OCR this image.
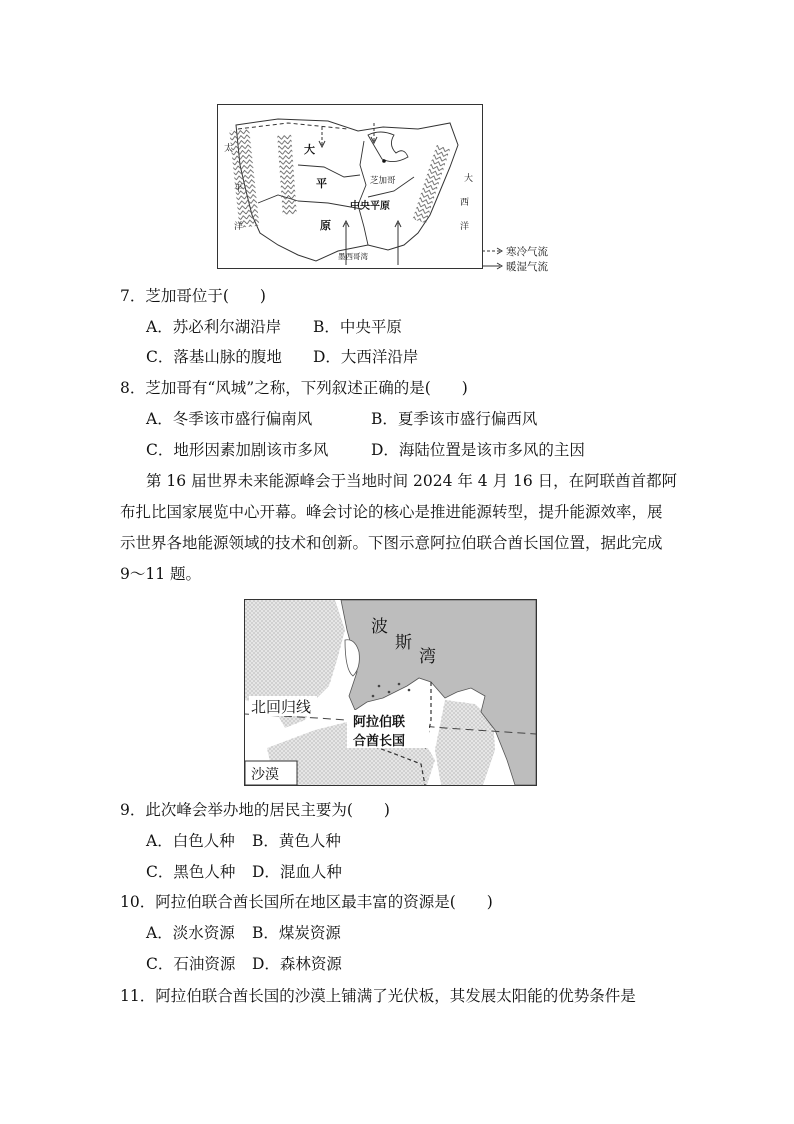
太
平
洋
大
西
洋
大
平
原
中央平原
芝加哥
墨西哥湾	寒冷气流
暖湿气流
7．芝加哥位于(　　)
A．苏必利尔湖沿岸 B．中央平原
C．落基山脉的腹地 D．大西洋沿岸
8．芝加哥有“风城”之称，下列叙述正确的是(　　)
A．冬季该市盛行偏南风	B．夏季该市盛行偏西风
C．地形因素加剧该市多风	D．海陆位置是该市多风的主因
第 16 届世界未来能源峰会于当地时间 2024 年 4 月 16 日，在阿联酋首都阿
布扎比国家展览中心开幕。峰会讨论的核心是推进能源转型，提升能源效率，展
示世界各地能源领域的技术和创新。下图示意阿拉伯联合酋长国位置，据此完成
9～11 题。
波
斯
湾
北回归线
阿拉伯联
合酋长国
沙漠
9．此次峰会举办地的居民主要为(　　)
A．白色人种 B．黄色人种
C．黑色人种 D．混血人种
10．阿拉伯联合酋长国所在地区最丰富的资源是(　　)
A．淡水资源 B．煤炭资源
C．石油资源 D．森林资源
11．阿拉伯联合酋长国的沙漠上铺满了光伏板，其发展太阳能的优势条件是
